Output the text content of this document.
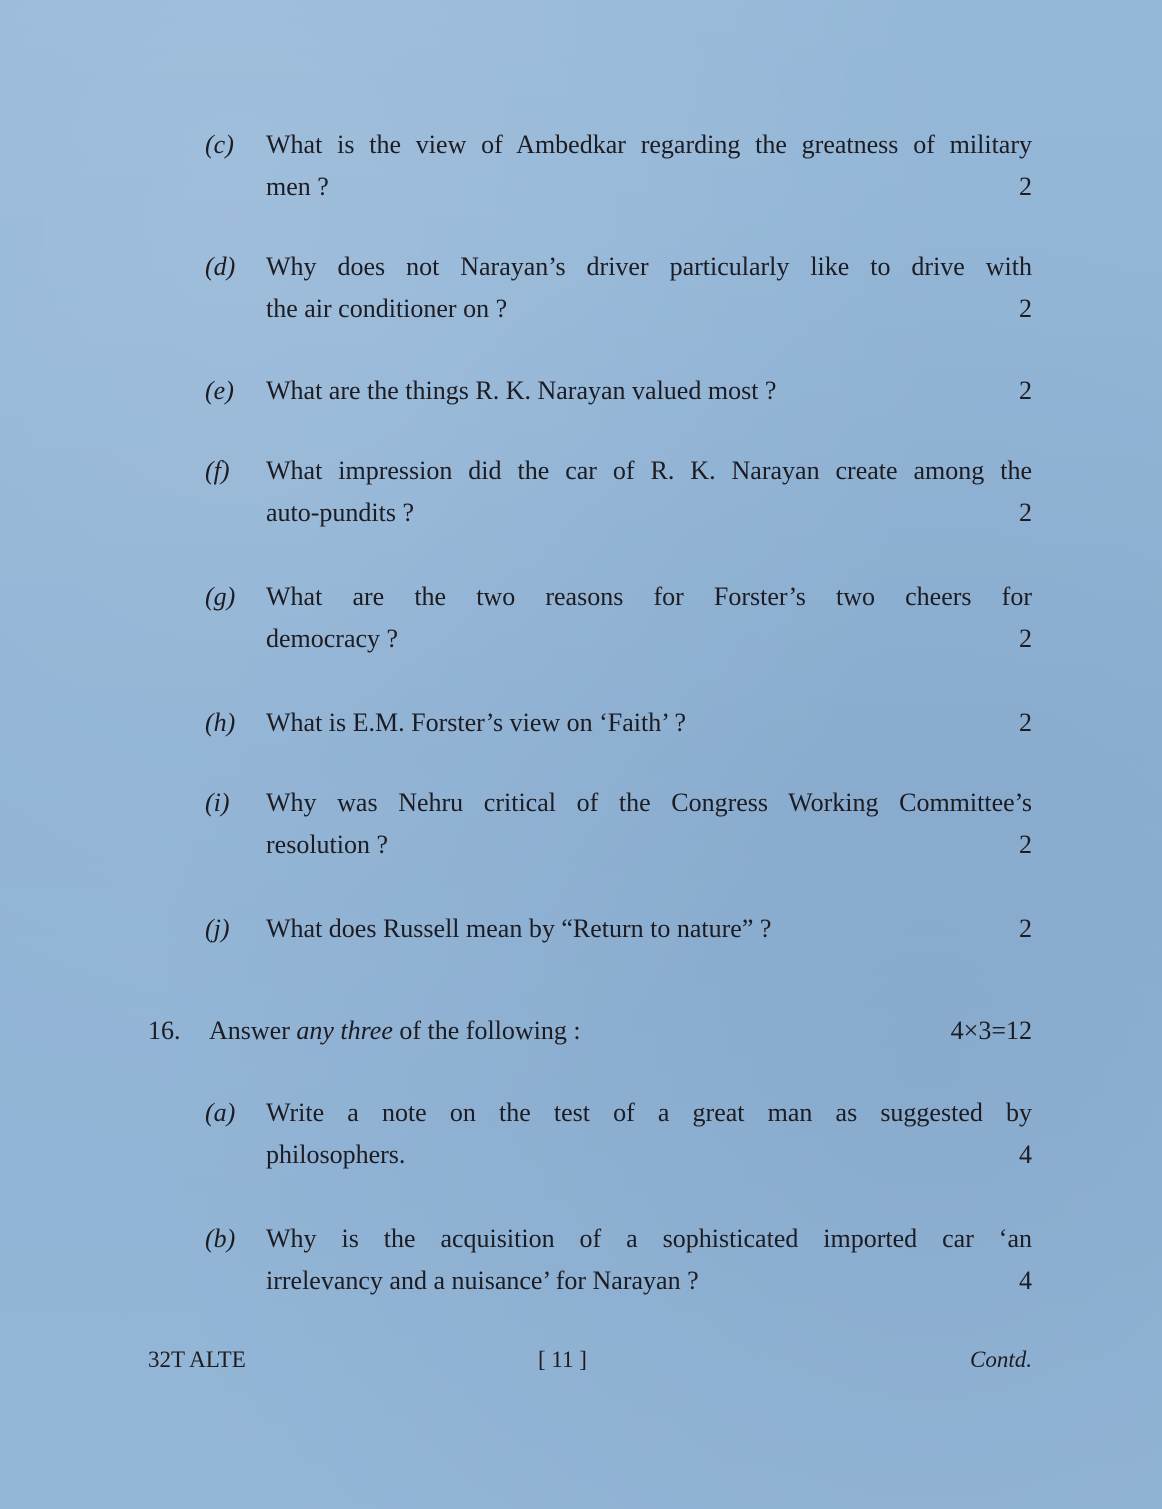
(c) What is the view of Ambedkar regarding the greatness of military
men ?	2
(d) Why does not Narayan’s driver particularly like to drive with
the air conditioner on ?	2
(e) What are the things R. K. Narayan valued most ?	2
(f) What impression did the car of R. K. Narayan create among the
auto-pundits ?	2
(g) What are the two reasons for Forster’s two cheers for
democracy ?	2
(h) What is E.M. Forster’s view on ‘Faith’ ?	2
(i) Why was Nehru critical of the Congress Working Committee’s
resolution ?	2
(j) What does Russell mean by “Return to nature” ?	2
16. Answer any three of the following :	4×3=12
(a) Write a note on the test of a great man as suggested by
philosophers.	4
(b) Why is the acquisition of a sophisticated imported car ‘an
irrelevancy and a nuisance’ for Narayan ?	4
32T ALTE	[ 11 ]	Contd.
